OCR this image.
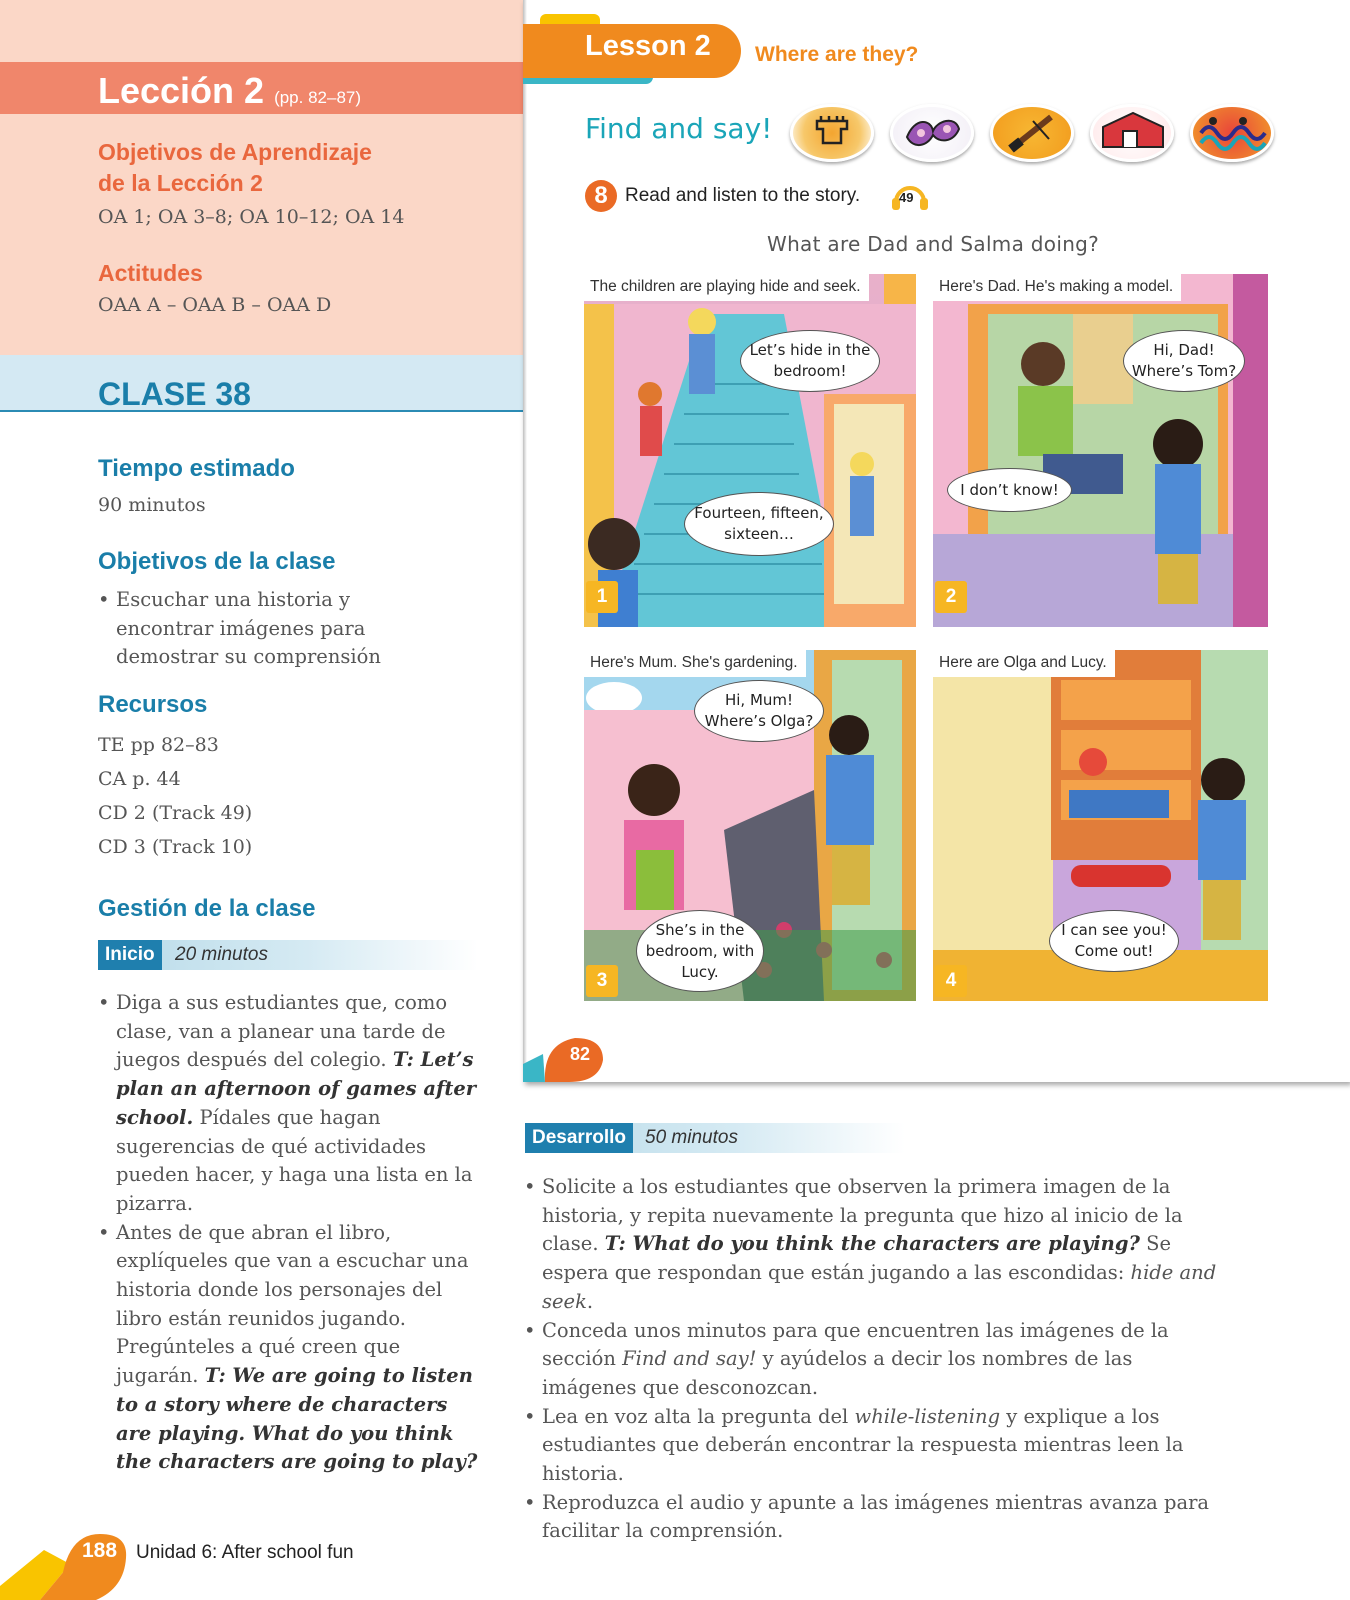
Lección 2 (pp. 82–87)
Objetivos de Aprendizaje
de la Lección 2
OA 1; OA 3–8; OA 10–12; OA 14
Actitudes
OAA A – OAA B – OAA D
CLASE 38
Tiempo estimado
90 minutos
Objetivos de la clase
• Escuchar una historia y encontrar imágenes para demostrar su comprensión
Recursos
TE pp 82–83
CA p. 44
CD 2 (Track 49)
CD 3 (Track 10)
Gestión de la clase
Inicio	20 minutos
• Diga a sus estudiantes que, como clase, van a planear una tarde de juegos después del colegio. T: Let’s plan an afternoon of games after school. Pídales que hagan sugerencias de qué actividades pueden hacer, y haga una lista en la pizarra.
• Antes de que abran el libro, explíqueles que van a escuchar una historia donde los personajes del libro están reunidos jugando. Pregúnteles a qué creen que jugarán. T: We are going to listen to a story where de characters are playing. What do you think the characters are going to play?
Lesson 2 Where are they?
Find and say!
8 Read and listen to the story.	49
What are Dad and Salma doing?
The children are playing hide and seek.
Let’s hide in the bedroom!
Fourteen, fifteen, sixteen…
1
Here's Dad. He's making a model.
Hi, Dad! Where’s Tom?
I don’t know!
2
Here's Mum. She's gardening.
Hi, Mum! Where’s Olga?
She’s in the bedroom, with Lucy.
3
Here are Olga and Lucy.
I can see you! Come out!
4
82
Desarrollo	50 minutos
• Solicite a los estudiantes que observen la primera imagen de la historia, y repita nuevamente la pregunta que hizo al inicio de la clase. T: What do you think the characters are playing? Se espera que respondan que están jugando a las escondidas: hide and seek.
• Conceda unos minutos para que encuentren las imágenes de la sección Find and say! y ayúdelos a decir los nombres de las imágenes que desconozcan.
• Lea en voz alta la pregunta del while-listening y explique a los estudiantes que deberán encontrar la respuesta mientras leen la historia.
• Reproduzca el audio y apunte a las imágenes mientras avanza para facilitar la comprensión.
188 Unidad 6: After school fun
